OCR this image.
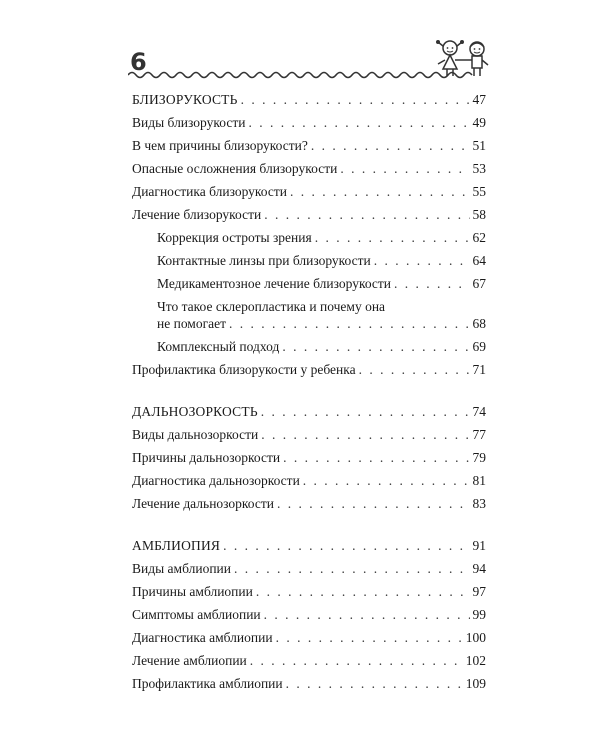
6
БЛИЗОРУКОСТЬ . . .	47
Виды близорукости . . .	49
В чем причины близорукости? . . .	51
Опасные осложнения близорукости . . .	53
Диагностика близорукости . . .	55
Лечение близорукости . . .	58
Коррекция остроты зрения . . .	62
Контактные линзы при близорукости . . .	64
Медикаментозное лечение близорукости . . .	67
Что такое склеропластика и почему она
не помогает . . .	68
Комплексный подход . . .	69
Профилактика близорукости у ребенка . . .	71
ДАЛЬНОЗОРКОСТЬ . . .	74
Виды дальнозоркости . . .	77
Причины дальнозоркости . . .	79
Диагностика дальнозоркости . . .	81
Лечение дальнозоркости . . .	83
АМБЛИОПИЯ . . .	91
Виды амблиопии . . .	94
Причины амблиопии . . .	97
Симптомы амблиопии . . .	99
Диагностика амблиопии . . .	100
Лечение амблиопии . . .	102
Профилактика амблиопии . . .	109
